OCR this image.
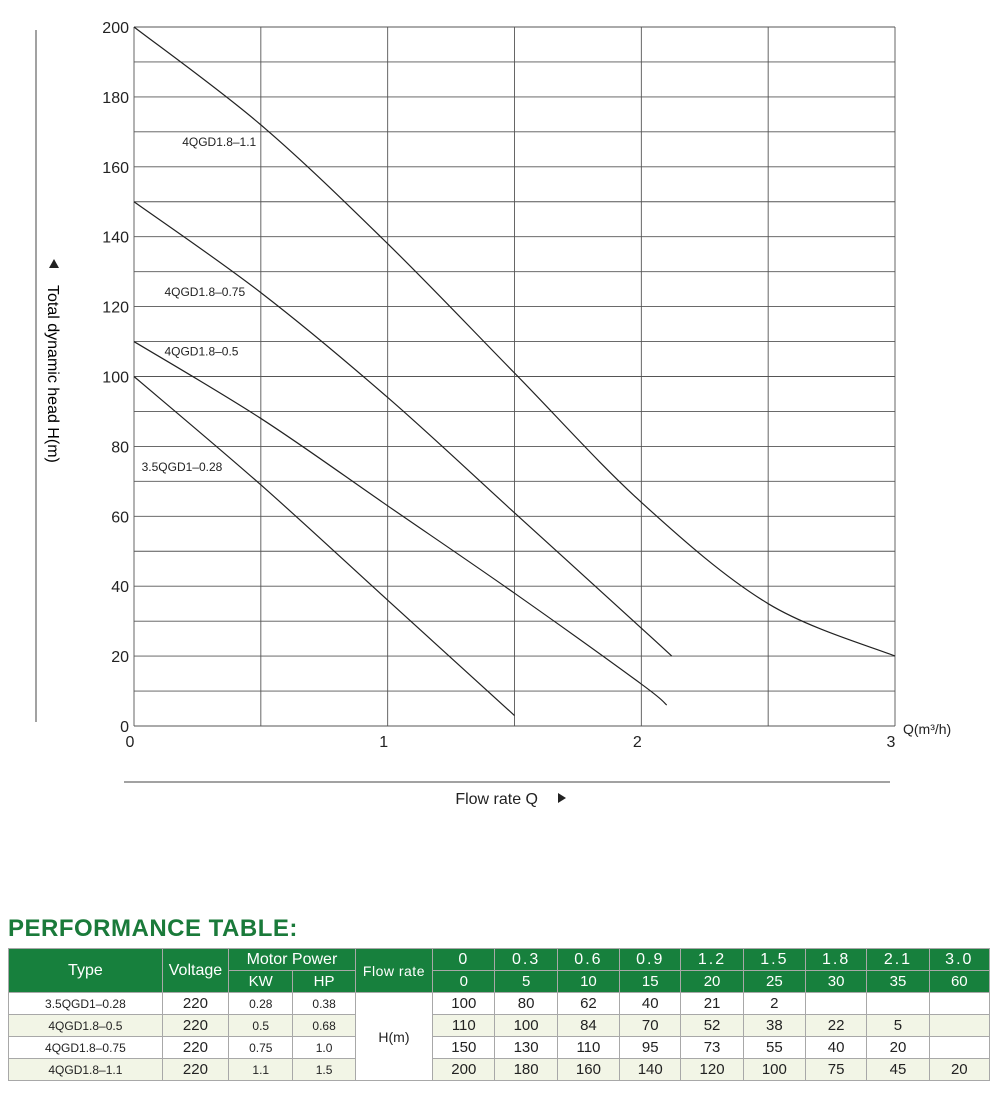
0
20
40
60
80
100
120
140
160
180
200
0	1	2	3
4QGD1.8–1.1
4QGD1.8–0.75
4QGD1.8–0.5
3.5QGD1–0.28
Q(m³/h)
Flow rate Q
Total dynamic head H(m)
PERFORMANCE TABLE:
Type	Voltage	Motor Power		Flow rate	0	0.3	0.6	0.9	1.2	1.5	1.8	2.1	3.0
		KW	HP		0	5	10	15	20	25	30	35	60
3.5QGD1–0.28	220	0.28	0.38	H(m)	100	80	62	40	21	2			
4QGD1.8–0.5	220	0.5	0.68		110	100	84	70	52	38	22	5	
4QGD1.8–0.75	220	0.75	1.0		150	130	110	95	73	55	40	20	
4QGD1.8–1.1	220	1.1	1.5		200	180	160	140	120	100	75	45	20
